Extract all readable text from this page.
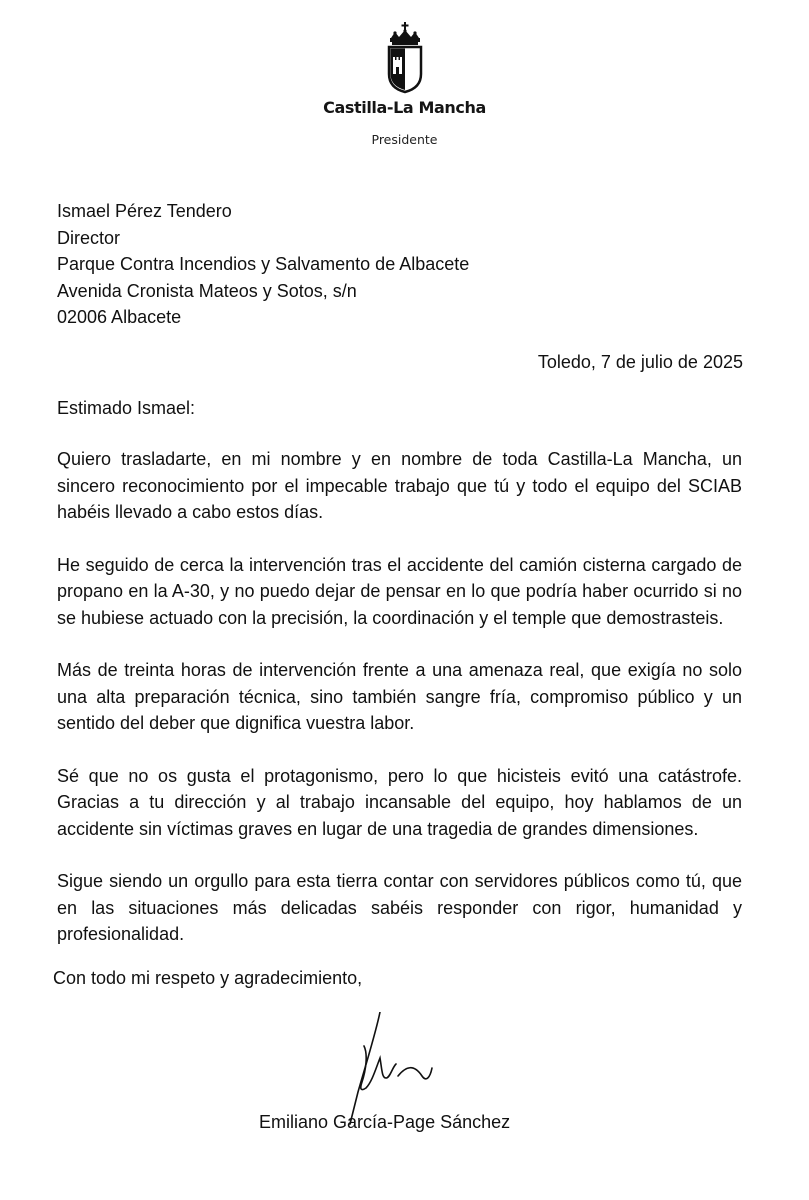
Castilla-La Mancha
Presidente
Ismael Pérez Tendero
Director
Parque Contra Incendios y Salvamento de Albacete
Avenida Cronista Mateos y Sotos, s/n
02006 Albacete
Toledo, 7 de julio de 2025
Estimado Ismael:

Quiero trasladarte, en mi nombre y en nombre de toda Castilla-La Mancha, un sincero reconocimiento por el impecable trabajo que tú y todo el equipo del SCIAB habéis llevado a cabo estos días.

He seguido de cerca la intervención tras el accidente del camión cisterna cargado de propano en la A-30, y no puedo dejar de pensar en lo que podría haber ocurrido si no se hubiese actuado con la precisión, la coordinación y el temple que demostrasteis.

Más de treinta horas de intervención frente a una amenaza real, que exigía no solo una alta preparación técnica, sino también sangre fría, compromiso público y un sentido del deber que dignifica vuestra labor.

Sé que no os gusta el protagonismo, pero lo que hicisteis evitó una catástrofe. Gracias a tu dirección y al trabajo incansable del equipo, hoy hablamos de un accidente sin víctimas graves en lugar de una tragedia de grandes dimensiones.

Sigue siendo un orgullo para esta tierra contar con servidores públicos como tú, que en las situaciones más delicadas sabéis responder con rigor, humanidad y profesionalidad.

Con todo mi respeto y agradecimiento,
Emiliano García-Page Sánchez
